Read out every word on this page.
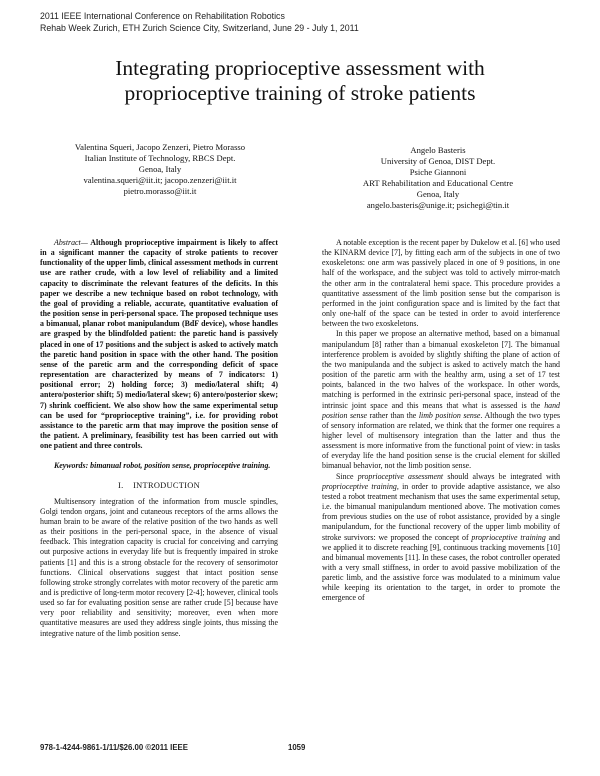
2011 IEEE International Conference on Rehabilitation Robotics
Rehab Week Zurich, ETH Zurich Science City, Switzerland, June 29 - July 1, 2011
Integrating proprioceptive assessment with
proprioceptive training of stroke patients
Valentina Squeri, Jacopo Zenzeri, Pietro Morasso
Italian Institute of Technology, RBCS Dept.
Genoa, Italy
valentina.squeri@iit.it; jacopo.zenzeri@iit.it
pietro.morasso@iit.it
Angelo Basteris
University of Genoa, DIST Dept.
Psiche Giannoni
ART Rehabilitation and Educational Centre
Genoa, Italy
angelo.basteris@unige.it; psichegi@tin.it

Abstract— Although proprioceptive impairment is likely to affect in a significant manner the capacity of stroke patients to recover functionality of the upper limb, clinical assessment methods in current use are rather crude, with a low level of reliability and a limited capacity to discriminate the relevant features of the deficits. In this paper we describe a new technique based on robot technology, with the goal of providing a reliable, accurate, quantitative evaluation of the position sense in peri-personal space. The proposed technique uses a bimanual, planar robot manipulandum (BdF device), whose handles are grasped by the blindfolded patient: the paretic hand is passively placed in one of 17 positions and the subject is asked to actively match the paretic hand position in space with the other hand. The position sense of the paretic arm and the corresponding deficit of space representation are characterized by means of 7 indicators: 1) positional error; 2) holding force; 3) medio/lateral shift; 4) antero/posterior shift; 5) medio/lateral skew; 6) antero/posterior skew; 7) shrink coefficient. We also show how the same experimental setup can be used for “proprioceptive training”, i.e. for providing robot assistance to the paretic arm that may improve the position sense of the patient. A preliminary, feasibility test has been carried out with one patient and three controls.

Keywords: bimanual robot, position sense, proprioceptive training.

I. INTRODUCTION

Multisensory integration of the information from muscle spindles, Golgi tendon organs, joint and cutaneous receptors of the arms allows the human brain to be aware of the relative position of the two hands as well as their positions in the peri-personal space, in the absence of visual feedback. This integration capacity is crucial for conceiving and carrying out purposive actions in everyday life but is frequently impaired in stroke patients [1] and this is a strong obstacle for the recovery of sensorimotor functions. Clinical observations suggest that intact position sense following stroke strongly correlates with motor recovery of the paretic arm and is predictive of long-term motor recovery [2-4]; however, clinical tools used so far for evaluating position sense are rather crude [5] because have very poor reliability and sensitivity; moreover, even when more quantitative measures are used they address single joints, thus missing the integrative nature of the limb position sense.

A notable exception is the recent paper by Dukelow et al. [6] who used the KINARM device [7], by fitting each arm of the subjects in one of two exoskeletons: one arm was passively placed in one of 9 positions, in one half of the workspace, and the subject was told to actively mirror-match the other arm in the contralateral hemi space. This procedure provides a quantitative assessment of the limb position sense but the comparison is performed in the joint configuration space and is limited by the fact that only one-half of the space can be tested in order to avoid interference between the two exoskeletons.

In this paper we propose an alternative method, based on a bimanual manipulandum [8] rather than a bimanual exoskeleton [7]. The bimanual interference problem is avoided by slightly shifting the plane of action of the two manipulanda and the subject is asked to actively match the hand position of the paretic arm with the healthy arm, using a set of 17 test points, balanced in the two halves of the workspace. In other words, matching is performed in the extrinsic peri-personal space, instead of the intrinsic joint space and this means that what is assessed is the hand position sense rather than the limb position sense. Although the two types of sensory information are related, we think that the former one requires a higher level of multisensory integration than the latter and thus the assessment is more informative from the functional point of view: in tasks of everyday life the hand position sense is the crucial element for skilled bimanual behavior, not the limb position sense.

Since proprioceptive assessment should always be integrated with proprioceptive training, in order to provide adaptive assistance, we also tested a robot treatment mechanism that uses the same experimental setup, i.e. the bimanual manipulandum mentioned above. The motivation comes from previous studies on the use of robot assistance, provided by a single manipulandum, for the functional recovery of the upper limb mobility of stroke survivors: we proposed the concept of proprioceptive training and we applied it to discrete reaching [9], continuous tracking movements [10] and bimanual movements [11]. In these cases, the robot controller operated with a very small stiffness, in order to avoid passive mobilization of the paretic limb, and the assistive force was modulated to a minimum value while keeping its orientation to the target, in order to promote the emergence of

978-1-4244-9861-1/11/$26.00 ©2011 IEEE	1059
